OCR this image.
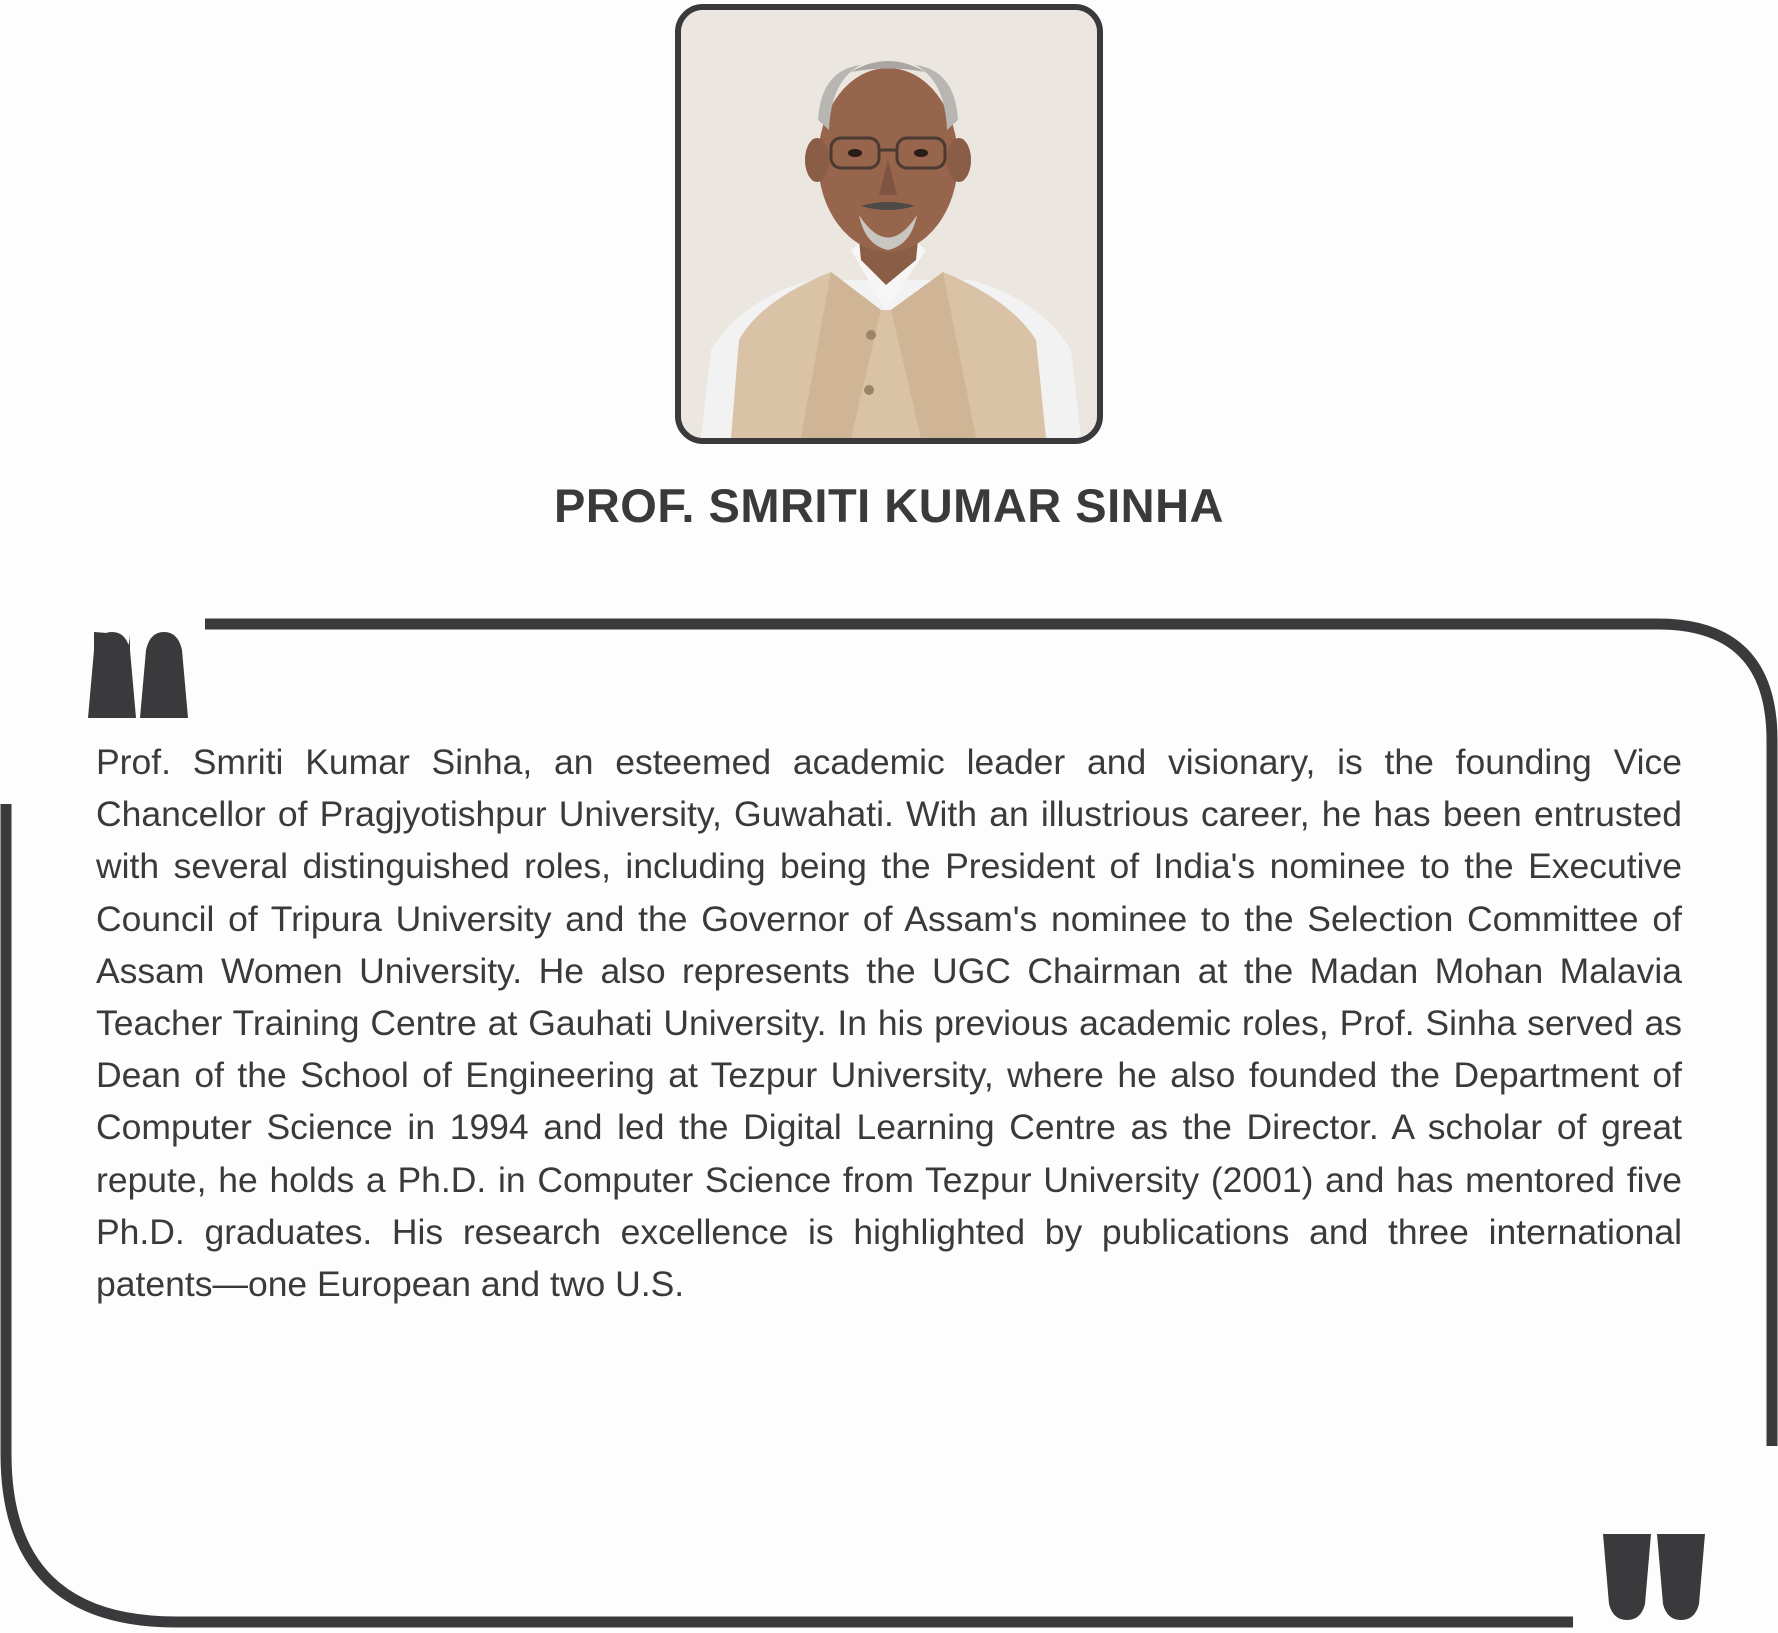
PROF. SMRITI KUMAR SINHA

Prof. Smriti Kumar Sinha, an esteemed academic leader and visionary, is the founding Vice Chancellor of Pragjyotishpur University, Guwahati. With an illustrious career, he has been entrusted with several distinguished roles, including being the President of India's nominee to the Executive Council of Tripura University and the Governor of Assam's nominee to the Selection Committee of Assam Women University. He also represents the UGC Chairman at the Madan Mohan Malavia Teacher Training Centre at Gauhati University. In his previous academic roles, Prof. Sinha served as Dean of the School of Engineering at Tezpur University, where he also founded the Department of Computer Science in 1994 and led the Digital Learning Centre as the Director. A scholar of great repute, he holds a Ph.D. in Computer Science from Tezpur University (2001) and has mentored five Ph.D. graduates. His research excellence is highlighted by publications and three international patents—one European and two U.S.
